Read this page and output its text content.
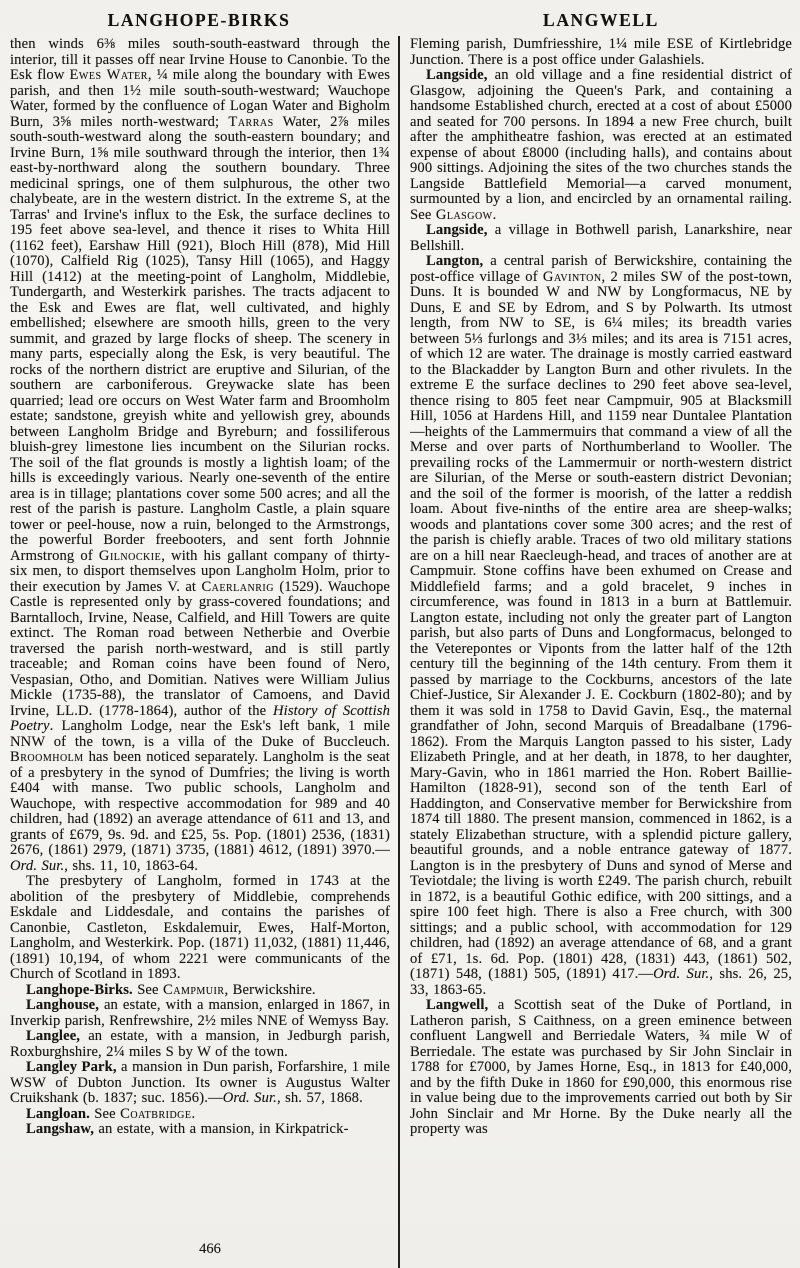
LANGHOPE-BIRKS	LANGWELL

then winds 6⅜ miles south-south-eastward through the interior, till it passes off near Irvine House to Canonbie. To the Esk flow Ewes Water, ¼ mile along the boundary with Ewes parish, and then 1½ mile south-south-westward; Wauchope Water, formed by the confluence of Logan Water and Bigholm Burn, 3⅝ miles north-westward; Tarras Water, 2⅞ miles south-south-westward along the south-eastern boundary; and Irvine Burn, 1⅝ mile southward through the interior, then 1¾ east-by-northward along the southern boundary. Three medicinal springs, one of them sulphurous, the other two chalybeate, are in the western district. In the extreme S, at the Tarras' and Irvine's influx to the Esk, the surface declines to 195 feet above sea-level, and thence it rises to Whita Hill (1162 feet), Earshaw Hill (921), Bloch Hill (878), Mid Hill (1070), Calfield Rig (1025), Tansy Hill (1065), and Haggy Hill (1412) at the meeting-point of Langholm, Middlebie, Tundergarth, and Westerkirk parishes. The tracts adjacent to the Esk and Ewes are flat, well cultivated, and highly embellished; elsewhere are smooth hills, green to the very summit, and grazed by large flocks of sheep. The scenery in many parts, especially along the Esk, is very beautiful. The rocks of the northern district are eruptive and Silurian, of the southern are carboniferous. Greywacke slate has been quarried; lead ore occurs on West Water farm and Broomholm estate; sandstone, greyish white and yellowish grey, abounds between Langholm Bridge and Byreburn; and fossiliferous bluish-grey limestone lies incumbent on the Silurian rocks. The soil of the flat grounds is mostly a lightish loam; of the hills is exceedingly various. Nearly one-seventh of the entire area is in tillage; plantations cover some 500 acres; and all the rest of the parish is pasture. Langholm Castle, a plain square tower or peel-house, now a ruin, belonged to the Armstrongs, the powerful Border freebooters, and sent forth Johnnie Armstrong of Gilnockie, with his gallant company of thirty-six men, to disport themselves upon Langholm Holm, prior to their execution by James V. at Caerlanrig (1529). Wauchope Castle is represented only by grass-covered foundations; and Barntalloch, Irvine, Nease, Calfield, and Hill Towers are quite extinct. The Roman road between Netherbie and Overbie traversed the parish north-westward, and is still partly traceable; and Roman coins have been found of Nero, Vespasian, Otho, and Domitian. Natives were William Julius Mickle (1735-88), the translator of Camoens, and David Irvine, LL.D. (1778-1864), author of the History of Scottish Poetry. Langholm Lodge, near the Esk's left bank, 1 mile NNW of the town, is a villa of the Duke of Buccleuch. Broomholm has been noticed separately. Langholm is the seat of a presbytery in the synod of Dumfries; the living is worth £404 with manse. Two public schools, Langholm and Wauchope, with respective accommodation for 989 and 40 children, had (1892) an average attendance of 611 and 13, and grants of £679, 9s. 9d. and £25, 5s. Pop. (1801) 2536, (1831) 2676, (1861) 2979, (1871) 3735, (1881) 4612, (1891) 3970.—Ord. Sur., shs. 11, 10, 1863-64.

The presbytery of Langholm, formed in 1743 at the abolition of the presbytery of Middlebie, comprehends Eskdale and Liddesdale, and contains the parishes of Canonbie, Castleton, Eskdalemuir, Ewes, Half-Morton, Langholm, and Westerkirk. Pop. (1871) 11,032, (1881) 11,446, (1891) 10,194, of whom 2221 were communicants of the Church of Scotland in 1893.

Langhope-Birks. See Campmuir, Berwickshire.

Langhouse, an estate, with a mansion, enlarged in 1867, in Inverkip parish, Renfrewshire, 2½ miles NNE of Wemyss Bay.

Langlee, an estate, with a mansion, in Jedburgh parish, Roxburghshire, 2¼ miles S by W of the town.

Langley Park, a mansion in Dun parish, Forfarshire, 1 mile WSW of Dubton Junction. Its owner is Augustus Walter Cruikshank (b. 1837; suc. 1856).—Ord. Sur., sh. 57, 1868.

Langloan. See Coatbridge.

Langshaw, an estate, with a mansion, in Kirkpatrick-

Fleming parish, Dumfriesshire, 1¼ mile ESE of Kirtlebridge Junction. There is a post office under Galashiels.

Langside, an old village and a fine residential district of Glasgow, adjoining the Queen's Park, and containing a handsome Established church, erected at a cost of about £5000 and seated for 700 persons. In 1894 a new Free church, built after the amphitheatre fashion, was erected at an estimated expense of about £8000 (including halls), and contains about 900 sittings. Adjoining the sites of the two churches stands the Langside Battlefield Memorial—a carved monument, surmounted by a lion, and encircled by an ornamental railing. See Glasgow.

Langside, a village in Bothwell parish, Lanarkshire, near Bellshill.

Langton, a central parish of Berwickshire, containing the post-office village of Gavinton, 2 miles SW of the post-town, Duns. It is bounded W and NW by Longformacus, NE by Duns, E and SE by Edrom, and S by Polwarth. Its utmost length, from NW to SE, is 6¼ miles; its breadth varies between 5⅓ furlongs and 3⅓ miles; and its area is 7151 acres, of which 12 are water. The drainage is mostly carried eastward to the Blackadder by Langton Burn and other rivulets. In the extreme E the surface declines to 290 feet above sea-level, thence rising to 805 feet near Campmuir, 905 at Blacksmill Hill, 1056 at Hardens Hill, and 1159 near Duntalee Plantation—heights of the Lammermuirs that command a view of all the Merse and over parts of Northumberland to Wooller. The prevailing rocks of the Lammermuir or north-western district are Silurian, of the Merse or south-eastern district Devonian; and the soil of the former is moorish, of the latter a reddish loam. About five-ninths of the entire area are sheep-walks; woods and plantations cover some 300 acres; and the rest of the parish is chiefly arable. Traces of two old military stations are on a hill near Raecleugh-head, and traces of another are at Campmuir. Stone coffins have been exhumed on Crease and Middlefield farms; and a gold bracelet, 9 inches in circumference, was found in 1813 in a burn at Battlemuir. Langton estate, including not only the greater part of Langton parish, but also parts of Duns and Longformacus, belonged to the Veterepontes or Viponts from the latter half of the 12th century till the beginning of the 14th century. From them it passed by marriage to the Cockburns, ancestors of the late Chief-Justice, Sir Alexander J. E. Cockburn (1802-80); and by them it was sold in 1758 to David Gavin, Esq., the maternal grandfather of John, second Marquis of Breadalbane (1796-1862). From the Marquis Langton passed to his sister, Lady Elizabeth Pringle, and at her death, in 1878, to her daughter, Mary-Gavin, who in 1861 married the Hon. Robert Baillie-Hamilton (1828-91), second son of the tenth Earl of Haddington, and Conservative member for Berwickshire from 1874 till 1880. The present mansion, commenced in 1862, is a stately Elizabethan structure, with a splendid picture gallery, beautiful grounds, and a noble entrance gateway of 1877. Langton is in the presbytery of Duns and synod of Merse and Teviotdale; the living is worth £249. The parish church, rebuilt in 1872, is a beautiful Gothic edifice, with 200 sittings, and a spire 100 feet high. There is also a Free church, with 300 sittings; and a public school, with accommodation for 129 children, had (1892) an average attendance of 68, and a grant of £71, 1s. 6d. Pop. (1801) 428, (1831) 443, (1861) 502, (1871) 548, (1881) 505, (1891) 417.—Ord. Sur., shs. 26, 25, 33, 1863-65.

Langwell, a Scottish seat of the Duke of Portland, in Latheron parish, S Caithness, on a green eminence between confluent Langwell and Berriedale Waters, ¾ mile W of Berriedale. The estate was purchased by Sir John Sinclair in 1788 for £7000, by James Horne, Esq., in 1813 for £40,000, and by the fifth Duke in 1860 for £90,000, this enormous rise in value being due to the improvements carried out both by Sir John Sinclair and Mr Horne. By the Duke nearly all the property was

466
